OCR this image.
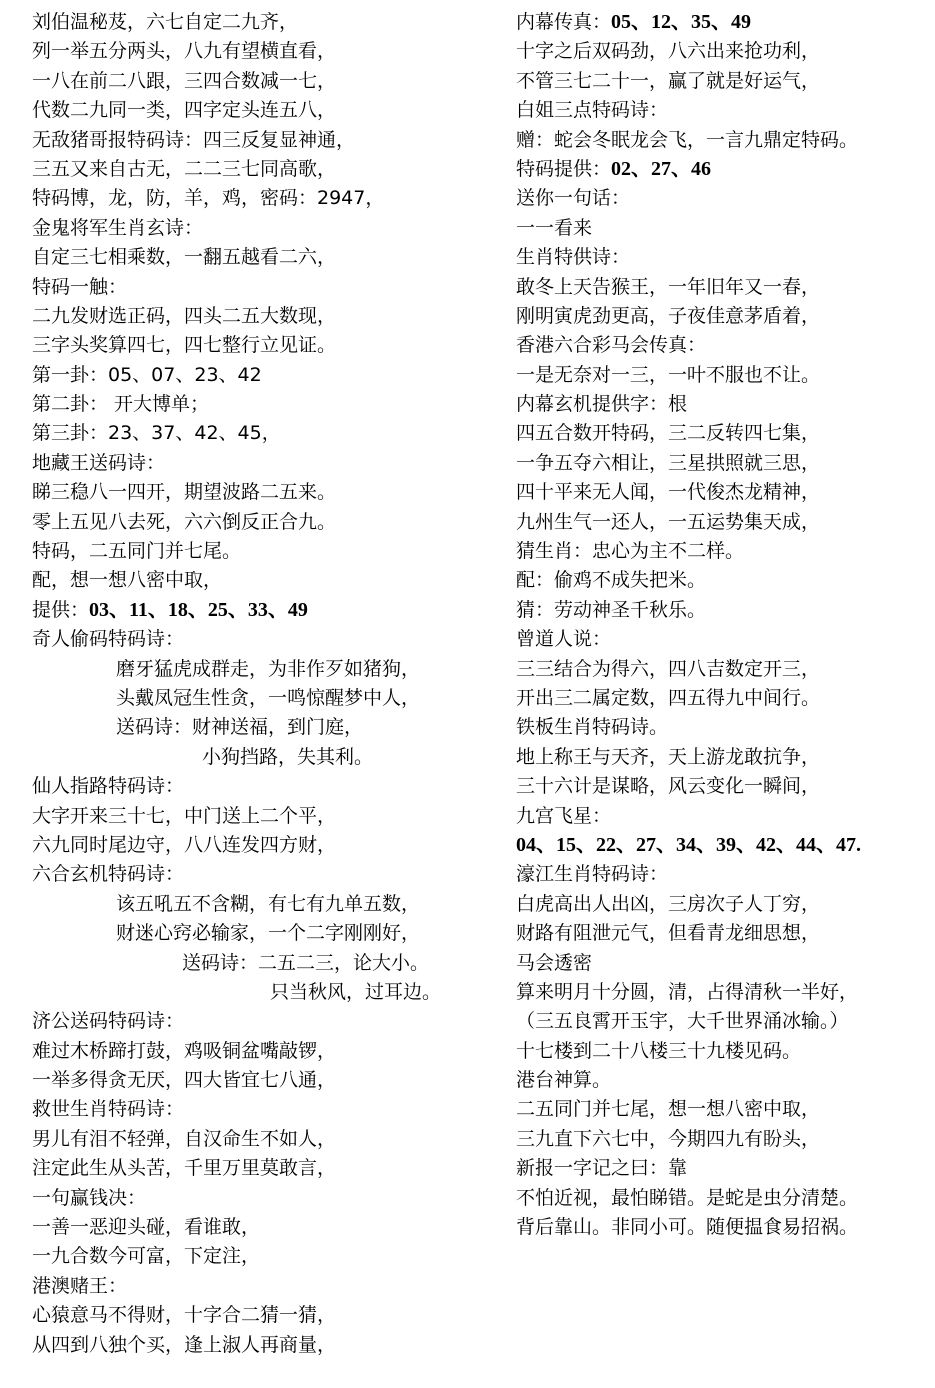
刘伯温秘芨，六七自定二九齐，
列一举五分两头，八九有望横直看，
一八在前二八跟，三四合数减一七，
代数二九同一类，四字定头连五八，
无敌猪哥报特码诗：四三反复显神通，
三五又来自古无，二二三七同高歌，
特码博，龙，防，羊，鸡，密码：2947，
金鬼将军生肖玄诗：
自定三七相乘数，一翻五越看二六，
特码一触：
二九发财选正码，四头二五大数现，
三字头奖算四七，四七整行立见证。
第一卦：05、07、23、42
第二卦： 开大博单；
第三卦：23、37、42、45，
地藏王送码诗：
睇三稳八一四开，期望波路二五来。
零上五见八去死，六六倒反正合九。
特码，二五同门并七尾。
配，想一想八密中取，
提供：03、11、18、25、33、49
奇人偷码特码诗：
磨牙猛虎成群走，为非作歹如猪狗，
头戴凤冠生性贪，一鸣惊醒梦中人，
送码诗：财神送福，到门庭，
小狗挡路，失其利。
仙人指路特码诗：
大字开来三十七，中门送上二个平，
六九同时尾边守，八八连发四方财，
六合玄机特码诗：
该五吼五不含糊，有七有九单五数，
财迷心窍必输家，一个二字刚刚好，
送码诗：二五二三，论大小。
只当秋风，过耳边。
济公送码特码诗：
难过木桥蹄打鼓，鸡吸铜盆嘴敲锣，
一举多得贪无厌，四大皆宜七八通，
救世生肖特码诗：
男儿有泪不轻弹，自汉命生不如人，
注定此生从头苦，千里万里莫敢言，
一句赢钱决：
一善一恶迎头碰，看谁敢，
一九合数今可富，下定注，
港澳赌王：
心猿意马不得财，十字合二猜一猜，
从四到八独个买，逢上淑人再商量，
内幕传真：05、12、35、49
十字之后双码劲，八六出来抢功利，
不管三七二十一，赢了就是好运气，
白姐三点特码诗：
赠：蛇会冬眠龙会飞，一言九鼎定特码。
特码提供：02、27、46
送你一句话：
一一看来
生肖特供诗：
敢冬上天告猴王，一年旧年又一春，
刚明寅虎劲更高，子夜佳意茅盾着，
香港六合彩马会传真：
一是无奈对一三，一叶不服也不让。
内幕玄机提供字：根
四五合数开特码，三二反转四七集，
一争五夺六相让，三星拱照就三思，
四十平来无人闻，一代俊杰龙精神，
九州生气一还人，一五运势集天成，
猜生肖：忠心为主不二样。
配：偷鸡不成失把米。
猜：劳动神圣千秋乐。
曾道人说：
三三结合为得六，四八吉数定开三，
开出三二属定数，四五得九中间行。
铁板生肖特码诗。
地上称王与天齐，天上游龙敢抗争，
三十六计是谋略，风云变化一瞬间，
九宫飞星：
04、15、22、27、34、39、42、44、47.
濠江生肖特码诗：
白虎高出人出凶，三房次子人丁穷，
财路有阻泄元气，但看青龙细思想，
马会透密
算来明月十分圆，清，占得清秋一半好，
（三五良霄开玉宇，大千世界涌冰输。）
十七楼到二十八楼三十九楼见码。
港台神算。
二五同门并七尾，想一想八密中取，
三九直下六七中，今期四九有盼头，
新报一字记之曰：靠
不怕近视，最怕睇错。是蛇是虫分清楚。
背后靠山。非同小可。随便揾食易招祸。
